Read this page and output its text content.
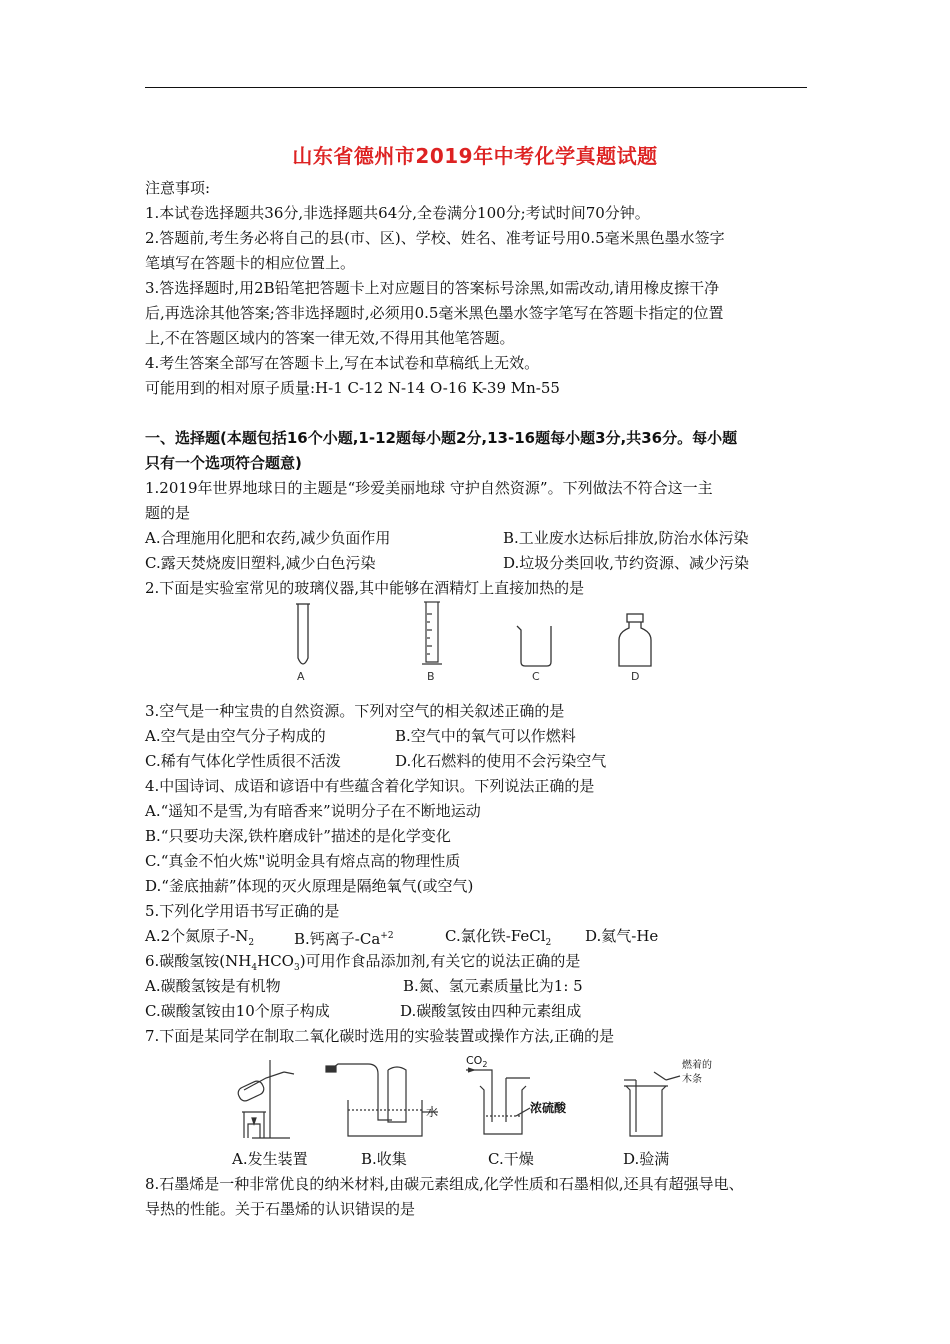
山东省德州市2019年中考化学真题试题
注意事项:
1.本试卷选择题共36分,非选择题共64分,全卷满分100分;考试时间70分钟。
2.答题前,考生务必将自己的县(市、区)、学校、姓名、准考证号用0.5毫米黑色墨水签字
笔填写在答题卡的相应位置上。
3.答选择题时,用2B铅笔把答题卡上对应题目的答案标号涂黑,如需改动,请用橡皮擦干净
后,再选涂其他答案;答非选择题时,必须用0.5毫米黑色墨水签字笔写在答题卡指定的位置
上,不在答题区域内的答案一律无效,不得用其他笔答题。
4.考生答案全部写在答题卡上,写在本试卷和草稿纸上无效。
可能用到的相对原子质量:H-1 C-12 N-14 O-16 K-39 Mn-55
一、选择题(本题包括16个小题,1-12题每小题2分,13-16题每小题3分,共36分。每小题
只有一个选项符合题意)
1.2019年世界地球日的主题是“珍爱美丽地球 守护自然资源”。下列做法不符合这一主
题的是
A.合理施用化肥和农药,减少负面作用	B.工业废水达标后排放,防治水体污染
C.露天焚烧废旧塑料,减少白色污染	D.垃圾分类回收,节约资源、减少污染
2.下面是实验室常见的玻璃仪器,其中能够在酒精灯上直接加热的是
A	B	C	D
3.空气是一种宝贵的自然资源。下列对空气的相关叙述正确的是
A.空气是由空气分子构成的	B.空气中的氧气可以作燃料
C.稀有气体化学性质很不活泼	D.化石燃料的使用不会污染空气
4.中国诗词、成语和谚语中有些蕴含着化学知识。下列说法正确的是
A.“遥知不是雪,为有暗香来”说明分子在不断地运动
B.“只要功夫深,铁杵磨成针”描述的是化学变化
C.“真金不怕火炼"说明金具有熔点高的物理性质
D.“釜底抽薪”体现的灭火原理是隔绝氧气(或空气)
5.下列化学用语书写正确的是
A.2个氮原子$-N_2$	B.钙离子$-Ca^{+2}$	C.氯化铁-FeCl$_2$ D.氦气-He
6.碳酸氢铵$(NH_4HCO_3)$可用作食品添加剂,有关它的说法正确的是
A.碳酸氢铵是有机物	B.氮、氢元素质量比为1: 5
C.碳酸氢铵由10个原子构成	D.碳酸氢铵由四种元素组成
7.下面是某同学在制取二氧化碳时选用的实验装置或操作方法,正确的是
水
$CO_2$
浓硫酸
燃着的
木条
A.发生装置	B.收集	C.干燥	D.验满
8.石墨烯是一种非常优良的纳米材料,由碳元素组成,化学性质和石墨相似,还具有超强导电、
导热的性能。关于石墨烯的认识错误的是
